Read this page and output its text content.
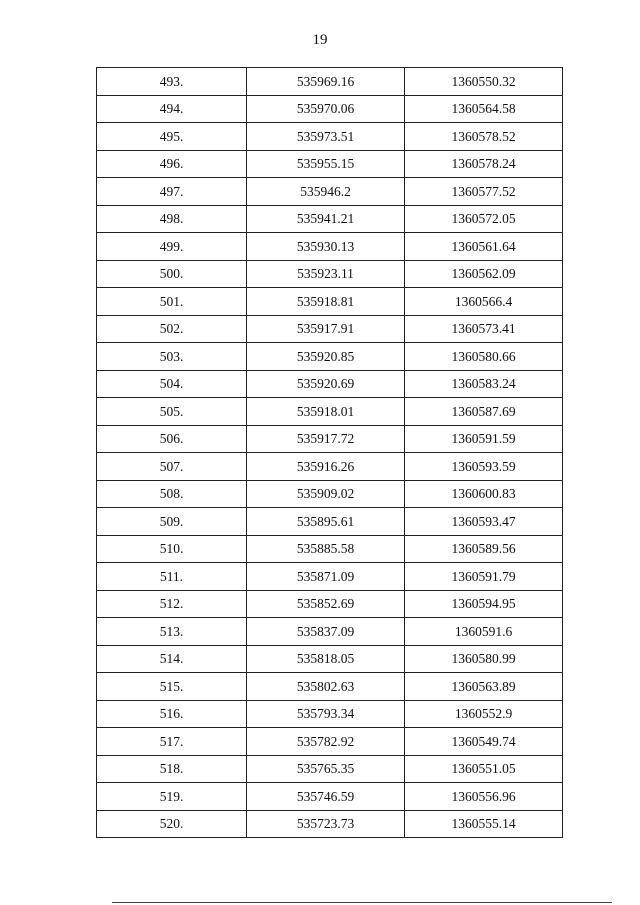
19
493.	535969.16	1360550.32
494.	535970.06	1360564.58
495.	535973.51	1360578.52
496.	535955.15	1360578.24
497.	535946.2	1360577.52
498.	535941.21	1360572.05
499.	535930.13	1360561.64
500.	535923.11	1360562.09
501.	535918.81	1360566.4
502.	535917.91	1360573.41
503.	535920.85	1360580.66
504.	535920.69	1360583.24
505.	535918.01	1360587.69
506.	535917.72	1360591.59
507.	535916.26	1360593.59
508.	535909.02	1360600.83
509.	535895.61	1360593.47
510.	535885.58	1360589.56
511.	535871.09	1360591.79
512.	535852.69	1360594.95
513.	535837.09	1360591.6
514.	535818.05	1360580.99
515.	535802.63	1360563.89
516.	535793.34	1360552.9
517.	535782.92	1360549.74
518.	535765.35	1360551.05
519.	535746.59	1360556.96
520.	535723.73	1360555.14
